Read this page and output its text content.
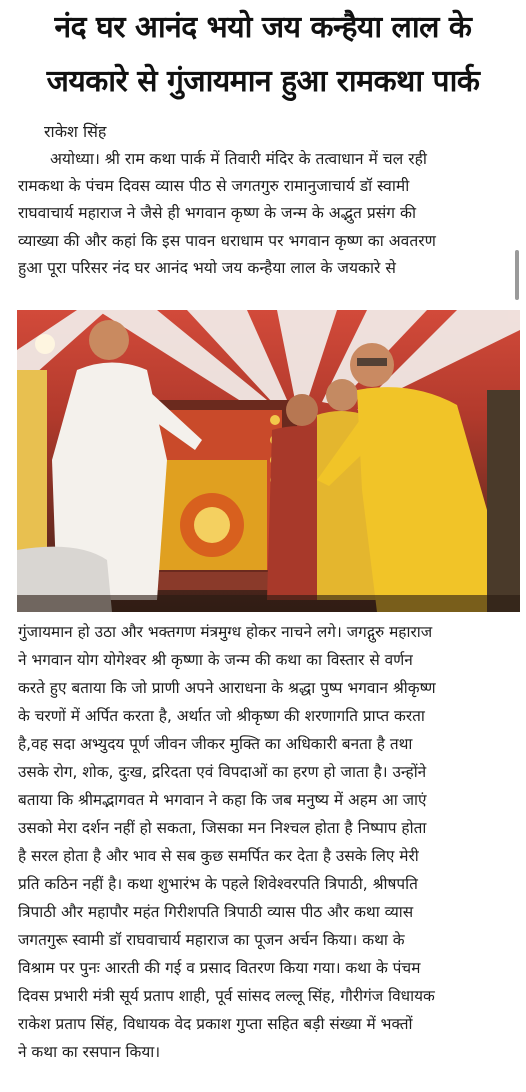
नंद घर आनंद भयो जय कन्हैया लाल के
जयकारे से गुंजायमान हुआ रामकथा पार्क
राकेश सिंह
अयोध्या। श्री राम कथा पार्क में तिवारी मंदिर के तत्वाधान में चल रही
रामकथा के पंचम दिवस व्यास पीठ से जगतगुरु रामानुजाचार्य डॉ स्वामी
राघवाचार्य महाराज ने जैसे ही भगवान कृष्ण के जन्म के अद्भुत प्रसंग की
व्याख्या की और कहां कि इस पावन धराधाम पर भगवान कृष्ण का अवतरण
हुआ पूरा परिसर नंद घर आनंद भयो जय कन्हैया लाल के जयकारे से
गुंजायमान हो उठा और भक्तगण मंत्रमुग्ध होकर नाचने लगे। जगद्गुरु महाराज
ने भगवान योग योगेश्वर श्री कृष्णा के जन्म की कथा का विस्तार से वर्णन
करते हुए बताया कि जो प्राणी अपने आराधना के श्रद्धा पुष्प भगवान श्रीकृष्ण
के चरणों में अर्पित करता है, अर्थात जो श्रीकृष्ण की शरणागति प्राप्त करता
है,वह सदा अभ्युदय पूर्ण जीवन जीकर मुक्ति का अधिकारी बनता है तथा
उसके रोग, शोक, दुःख, द्ररिदता एवं विपदाओं का हरण हो जाता है। उन्होंने
बताया कि श्रीमद्भागवत मे भगवान ने कहा कि जब मनुष्य में अहम आ जाएं
उसको मेरा दर्शन नहीं हो सकता, जिसका मन निश्चल होता है निष्पाप होता
है सरल होता है और भाव से सब कुछ समर्पित कर देता है उसके लिए मेरी
प्रति कठिन नहीं है। कथा शुभारंभ के पहले शिवेश्वरपति त्रिपाठी, श्रीषपति
त्रिपाठी और महापौर महंत गिरीशपति त्रिपाठी व्यास पीठ और कथा व्यास
जगतगुरू स्वामी डॉ राघवाचार्य महाराज का पूजन अर्चन किया। कथा के
विश्राम पर पुनः आरती की गई व प्रसाद वितरण किया गया। कथा के पंचम
दिवस प्रभारी मंत्री सूर्य प्रताप शाही, पूर्व सांसद लल्लू सिंह, गौरीगंज विधायक
राकेश प्रताप सिंह, विधायक वेद प्रकाश गुप्ता सहित बड़ी संख्या में भक्तों
ने कथा का रसपान किया।
